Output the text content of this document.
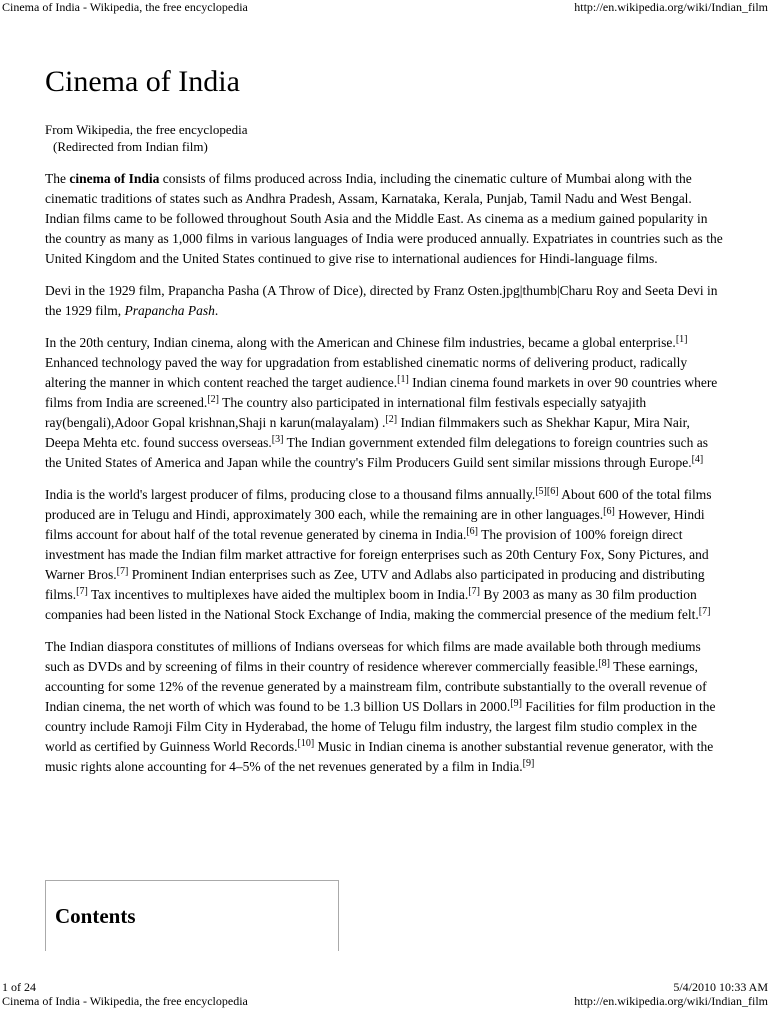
Cinema of India - Wikipedia, the free encyclopedia	http://en.wikipedia.org/wiki/Indian_film
Cinema of India
From Wikipedia, the free encyclopedia
(Redirected from Indian film)

The cinema of India consists of films produced across India, including the cinematic culture of Mumbai along with the cinematic traditions of states such as Andhra Pradesh, Assam, Karnataka, Kerala, Punjab, Tamil Nadu and West Bengal. Indian films came to be followed throughout South Asia and the Middle East. As cinema as a medium gained popularity in the country as many as 1,000 films in various languages of India were produced annually. Expatriates in countries such as the United Kingdom and the United States continued to give rise to international audiences for Hindi-language films.

Devi in the 1929 film, Prapancha Pasha (A Throw of Dice), directed by Franz Osten.jpg|thumb|Charu Roy and Seeta Devi in the 1929 film, Prapancha Pash.

In the 20th century, Indian cinema, along with the American and Chinese film industries, became a global enterprise.[1] Enhanced technology paved the way for upgradation from established cinematic norms of delivering product, radically altering the manner in which content reached the target audience.[1] Indian cinema found markets in over 90 countries where films from India are screened.[2] The country also participated in international film festivals especially satyajith ray(bengali),Adoor Gopal krishnan,Shaji n karun(malayalam) .[2] Indian filmmakers such as Shekhar Kapur, Mira Nair, Deepa Mehta etc. found success overseas.[3] The Indian government extended film delegations to foreign countries such as the United States of America and Japan while the country's Film Producers Guild sent similar missions through Europe.[4]

India is the world's largest producer of films, producing close to a thousand films annually.[5][6] About 600 of the total films produced are in Telugu and Hindi, approximately 300 each, while the remaining are in other languages.[6] However, Hindi films account for about half of the total revenue generated by cinema in India.[6] The provision of 100% foreign direct investment has made the Indian film market attractive for foreign enterprises such as 20th Century Fox, Sony Pictures, and Warner Bros.[7] Prominent Indian enterprises such as Zee, UTV and Adlabs also participated in producing and distributing films.[7] Tax incentives to multiplexes have aided the multiplex boom in India.[7] By 2003 as many as 30 film production companies had been listed in the National Stock Exchange of India, making the commercial presence of the medium felt.[7]

The Indian diaspora constitutes of millions of Indians overseas for which films are made available both through mediums such as DVDs and by screening of films in their country of residence wherever commercially feasible.[8] These earnings, accounting for some 12% of the revenue generated by a mainstream film, contribute substantially to the overall revenue of Indian cinema, the net worth of which was found to be 1.3 billion US Dollars in 2000.[9] Facilities for film production in the country include Ramoji Film City in Hyderabad, the home of Telugu film industry, the largest film studio complex in the world as certified by Guinness World Records.[10] Music in Indian cinema is another substantial revenue generator, with the music rights alone accounting for 4–5% of the net revenues generated by a film in India.[9]

Contents
1 of 24	5/4/2010 10:33 AM
Cinema of India - Wikipedia, the free encyclopedia	http://en.wikipedia.org/wiki/Indian_film
